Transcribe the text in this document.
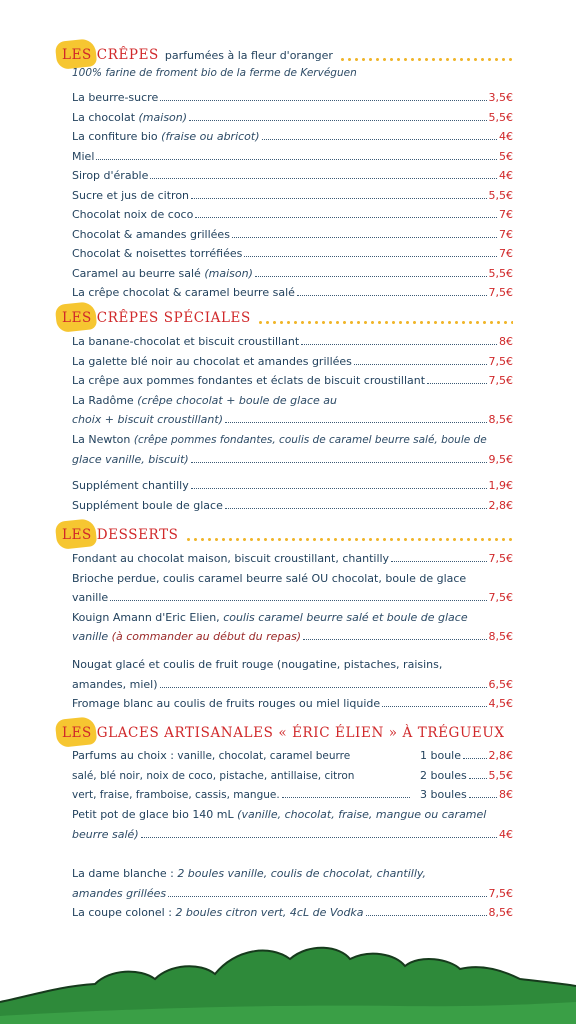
LES CRÊPES parfumées à la fleur d'oranger
100% farine de froment bio de la ferme de Kervéguen
La beurre-sucre	3,5€
La chocolat
(maison)	5,5€
La confiture bio
(fraise ou abricot)	4€
Miel	5€
Sirop d'érable	4€
Sucre et jus de citron	5,5€
Chocolat noix de coco	7€
Chocolat & amandes grillées	7€
Chocolat & noisettes torréfiées	7€
Caramel au beurre salé
(maison)	5,5€
La crêpe chocolat & caramel beurre salé	7,5€
LES CRÊPES SPÉCIALES
La banane-chocolat et biscuit croustillant	8€
La galette blé noir au chocolat et amandes grillées	7,5€
La crêpe aux pommes fondantes et éclats de biscuit croustillant	7,5€
La Radôme
(crêpe chocolat + boule de glace au
choix + biscuit croustillant)	8,5€
La Newton
(crêpe pommes fondantes, coulis de caramel beurre salé, boule de
glace vanille, biscuit)	9,5€
Supplément chantilly	1,9€
Supplément boule de glace	2,8€
LES DESSERTS
Fondant au chocolat maison, biscuit croustillant, chantilly	7,5€
Brioche perdue, coulis caramel beurre salé OU chocolat, boule de glace
vanille	7,5€
Kouign Amann d'Eric Elien,
coulis caramel beurre salé et boule de glace
vanille
(à commander au début du repas)	8,5€
Nougat glacé et coulis de fruit rouge (nougatine, pistaches, raisins,
amandes, miel)	6,5€
Fromage blanc au coulis de fruits rouges ou miel liquide	4,5€
LES GLACES ARTISANALES « ÉRIC ÉLIEN » À TRÉGUEUX
Parfums au choix :
vanille, chocolat, caramel beurre
salé, blé noir, noix de coco, pistache, antillaise, citron
vert, fraise, framboise, cassis, mangue.
1 boule 2,8€
2 boules 5,5€
3 boules	8€
Petit pot de glace bio 140 mL
(vanille, chocolat, fraise, mangue ou caramel
beurre salé)	4€
La dame blanche :
2 boules vanille, coulis de chocolat, chantilly,
amandes grillées	7,5€
La coupe colonel :
2 boules citron vert, 4cL de Vodka	8,5€
